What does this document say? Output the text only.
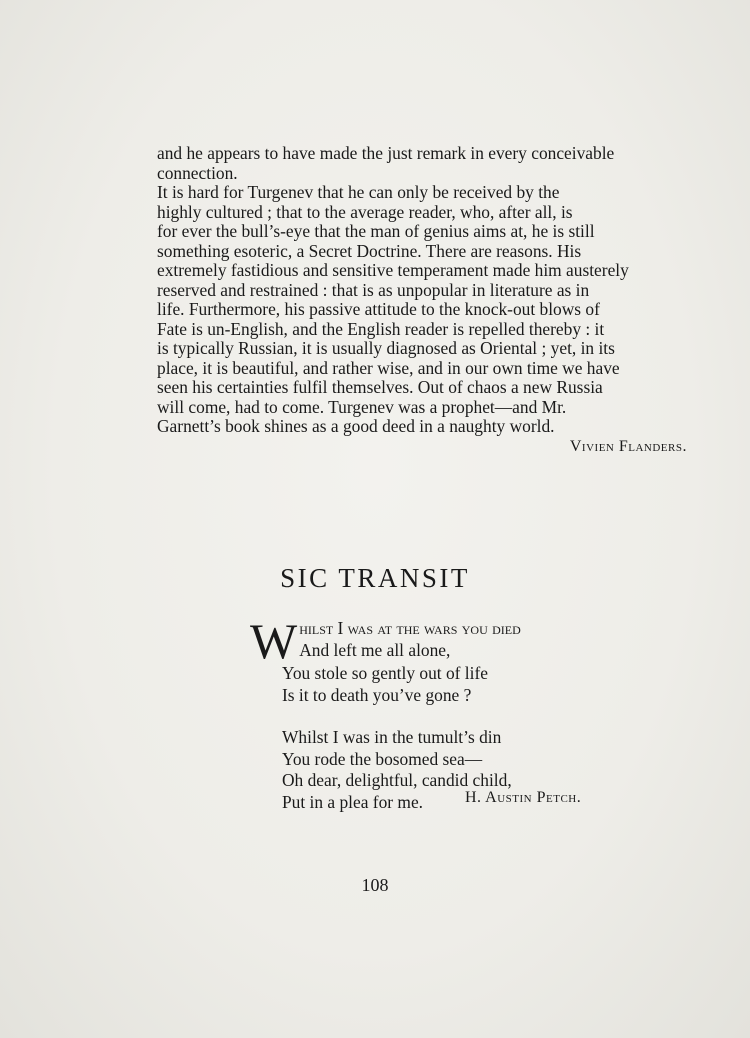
and he appears to have made the just remark in every conceivable

connection.

It is hard for Turgenev that he can only be received by the

highly cultured ; that to the average reader, who, after all, is

for ever the bull’s-eye that the man of genius aims at, he is still

something esoteric, a Secret Doctrine. There are reasons. His

extremely fastidious and sensitive temperament made him austerely

reserved and restrained : that is as unpopular in literature as in

life. Furthermore, his passive attitude to the knock-out blows of

Fate is un-English, and the English reader is repelled thereby : it

is typically Russian, it is usually diagnosed as Oriental ; yet, in its

place, it is beautiful, and rather wise, and in our own time we have

seen his certainties fulfil themselves. Out of chaos a new Russia

will come, had to come. Turgenev was a prophet—and Mr.

Garnett’s book shines as a good deed in a naughty world.

Vivien Flanders.
SIC TRANSIT
Whilst I was at the wars you died
And left me all alone,
You stole so gently out of life
Is it to death you’ve gone ?
Whilst I was in the tumult’s din
You rode the bosomed sea—
Oh dear, delightful, candid child,
Put in a plea for me.	H. Austin Petch.
108
